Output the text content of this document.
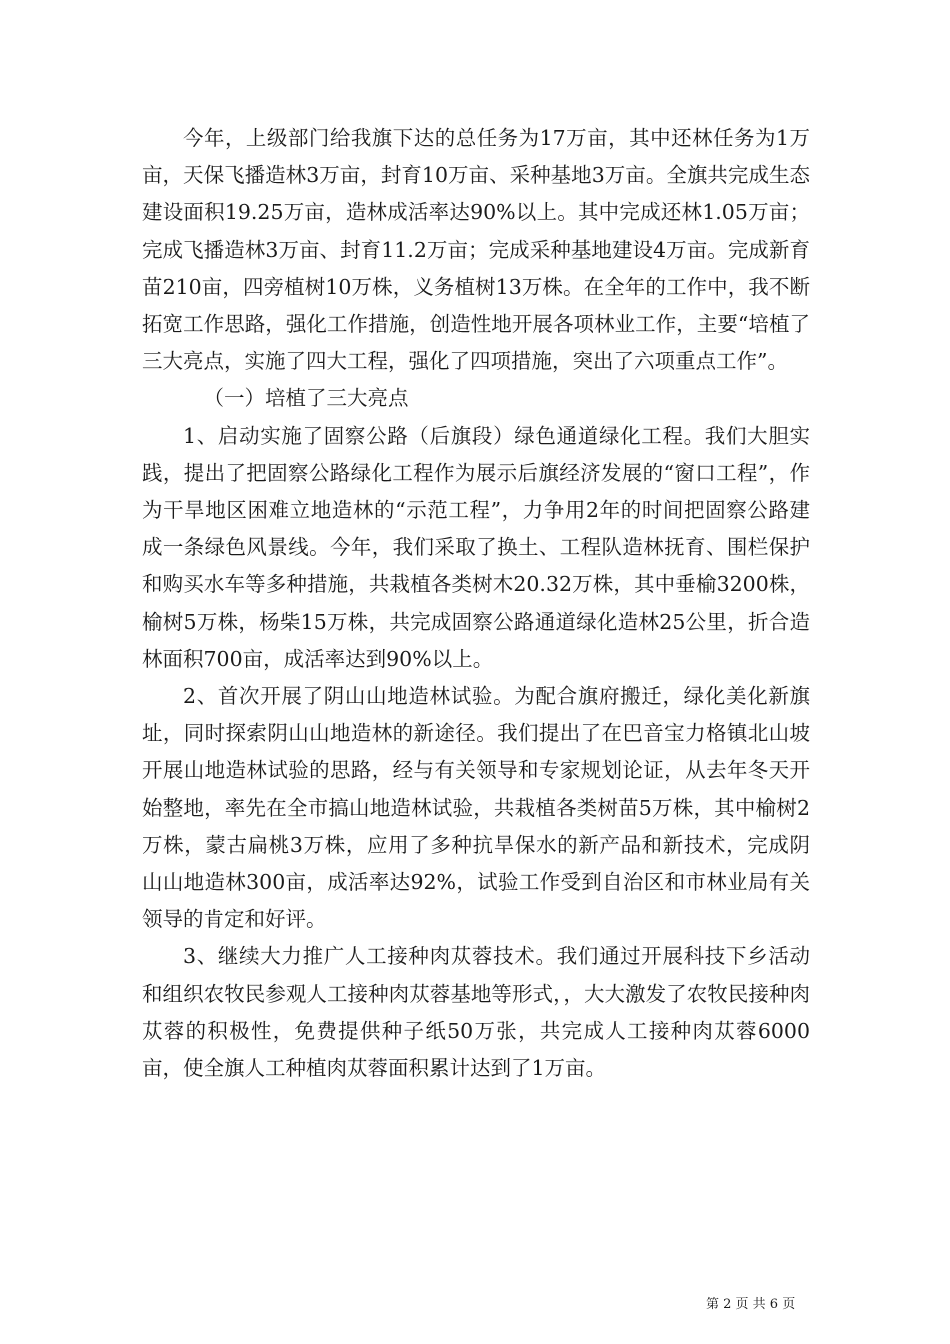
今年，上级部门给我旗下达的总任务为17万亩，其中还林任务为1万亩，天保飞播造林3万亩，封育10万亩、采种基地3万亩。全旗共完成生态建设面积19.25万亩，造林成活率达90%以上。其中完成还林1.05万亩；完成飞播造林3万亩、封育11.2万亩；完成采种基地建设4万亩。完成新育苗210亩，四旁植树10万株，义务植树13万株。在全年的工作中，我不断拓宽工作思路，强化工作措施，创造性地开展各项林业工作，主要“培植了三大亮点，实施了四大工程，强化了四项措施，突出了六项重点工作”。

（一）培植了三大亮点

1、启动实施了固察公路（后旗段）绿色通道绿化工程。我们大胆实践，提出了把固察公路绿化工程作为展示后旗经济发展的“窗口工程”，作为干旱地区困难立地造林的“示范工程”，力争用2年的时间把固察公路建成一条绿色风景线。今年，我们采取了换土、工程队造林抚育、围栏保护和购买水车等多种措施，共栽植各类树木20.32万株，其中垂榆3200株，榆树5万株，杨柴15万株，共完成固察公路通道绿化造林25公里，折合造林面积700亩，成活率达到90%以上。

2、首次开展了阴山山地造林试验。为配合旗府搬迁，绿化美化新旗址，同时探索阴山山地造林的新途径。我们提出了在巴音宝力格镇北山坡开展山地造林试验的思路，经与有关领导和专家规划论证，从去年冬天开始整地，率先在全市搞山地造林试验，共栽植各类树苗5万株，其中榆树2万株，蒙古扁桃3万株，应用了多种抗旱保水的新产品和新技术，完成阴山山地造林300亩，成活率达92%，试验工作受到自治区和市林业局有关领导的肯定和好评。

3、继续大力推广人工接种肉苁蓉技术。我们通过开展科技下乡活动和组织农牧民参观人工接种肉苁蓉基地等形式，，大大激发了农牧民接种肉苁蓉的积极性，免费提供种子纸50万张，共完成人工接种肉苁蓉6000亩，使全旗人工种植肉苁蓉面积累计达到了1万亩。

第 2 页 共 6 页
